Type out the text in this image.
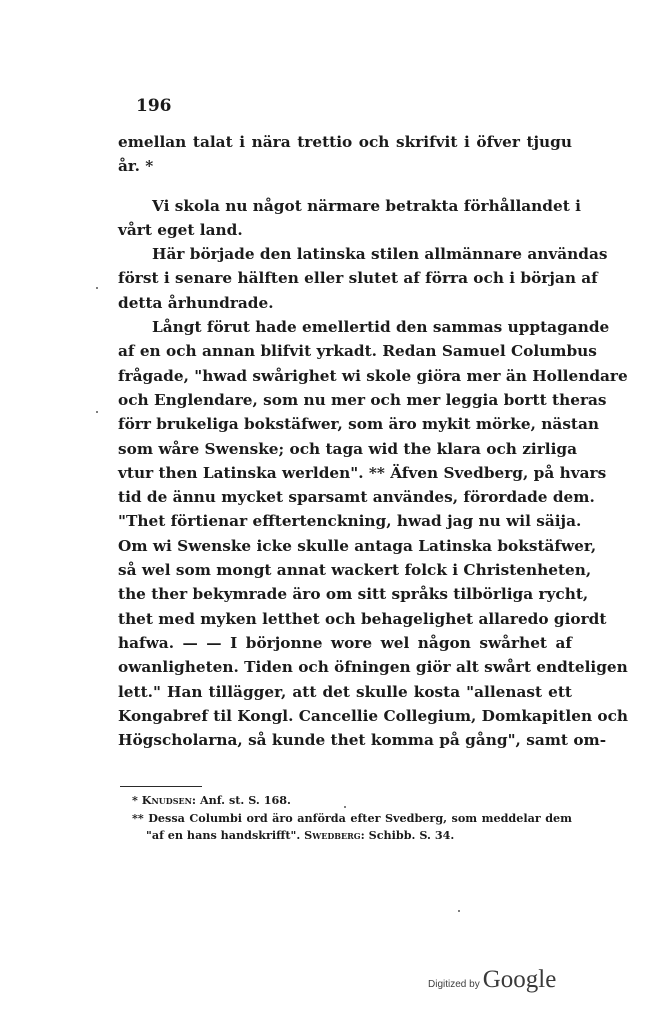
196
emellan talat i nära trettio och skrifvit i öfver tjugu
år. *
Vi skola nu något närmare betrakta förhållandet i
vårt eget land.
Här började den latinska stilen allmännare användas
först i senare hälften eller slutet af förra och i början af
detta århundrade.
Långt förut hade emellertid den sammas upptagande
af en och annan blifvit yrkadt. Redan Samuel Columbus
frågade, "hwad swårighet wi skole giöra mer än Hollendare
och Englendare, som nu mer och mer leggia bortt theras
förr brukeliga bokstäfwer, som äro mykit mörke, nästan
som wåre Swenske; och taga wid the klara och zirliga
vtur then Latinska werlden". ** Äfven Svedberg, på hvars
tid de ännu mycket sparsamt användes, förordade dem.
"Thet förtienar efftertenckning, hwad jag nu wil säija.
Om wi Swenske icke skulle antaga Latinska bokstäfwer,
så wel som mongt annat wackert folck i Christenheten,
the ther bekymrade äro om sitt språks tilbörliga rycht,
thet med myken letthet och behagelighet allaredo giordt
hafwa. — — I börjonne wore wel någon swårhet af
owanligheten. Tiden och öfningen giör alt swårt endteligen
lett." Han tillägger, att det skulle kosta "allenast ett
Kongabref til Kongl. Cancellie Collegium, Domkapitlen och
Högscholarna, så kunde thet komma på gång", samt om-
* Knudsen: Anf. st. S. 168.
** Dessa Columbi ord äro anförda efter Svedberg, som meddelar dem
"af en hans handskrifft". Swedberg: Schibb. S. 34.
Digitized by Google
